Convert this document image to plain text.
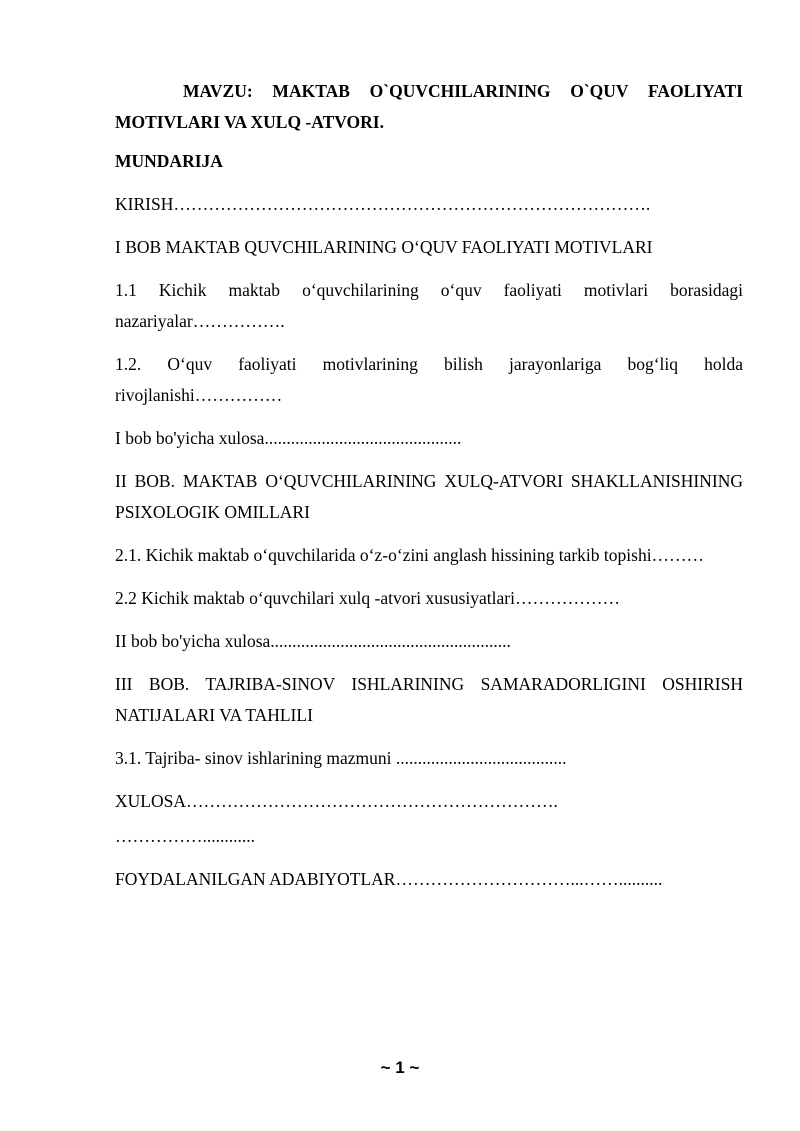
MAVZU: MAKTAB O`QUVCHILARINING O`QUV FAOLIYATI MOTIVLARI VA XULQ -ATVORI.

MUNDARIJA

KIRISH……………………………………………………………………….

I BOB MAKTAB QUVCHILARINING O‘QUV FAOLIYATI MOTIVLARI

1.1 Kichik maktab o‘quvchilarining o‘quv faoliyati motivlari borasidagi nazariyalar…………….

1.2. O‘quv faoliyati motivlarining bilish jarayonlariga bog‘liq holda rivojlanishi……………

I bob bo'yicha xulosa.............................................

II BOB. MAKTAB O‘QUVCHILARINING XULQ-ATVORI SHAKLLANISHINING PSIXOLOGIK OMILLARI

2.1. Kichik maktab o‘quvchilarida o‘z-o‘zini anglash hissining tarkib topishi………

2.2 Kichik maktab o‘quvchilari xulq -atvori xususiyatlari………………

II bob bo'yicha xulosa.......................................................

III BOB. TAJRIBA-SINOV ISHLARINING SAMARADORLIGINI OSHIRISH NATIJALARI VA TAHLILI

3.1. Tajriba- sinov ishlarining mazmuni .......................................

XULOSA……………………………………………………….

……………............

FOYDALANILGAN ADABIYOTLAR…………………………...……..........

~ 1 ~
